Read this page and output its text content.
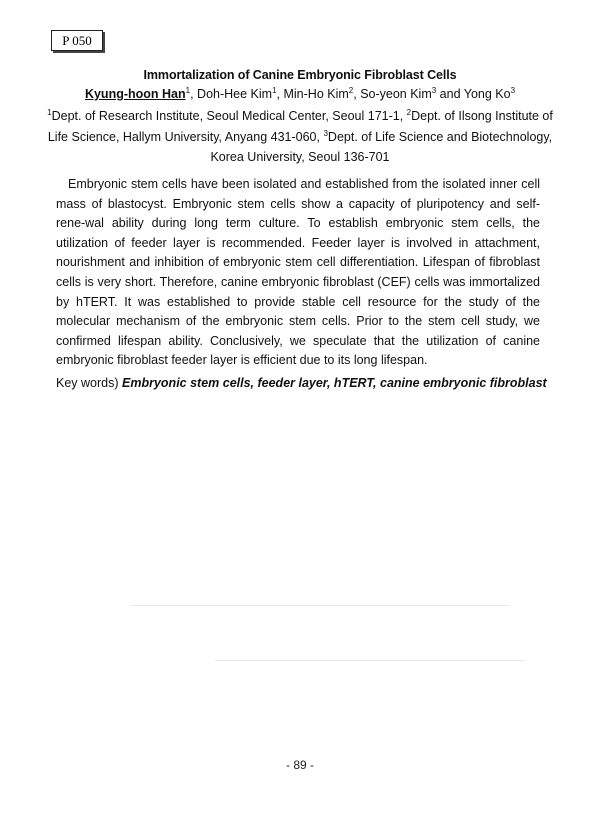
P 050
Immortalization of Canine Embryonic Fibroblast Cells
Kyung-hoon Han$^1$, Doh-Hee Kim$^1$, Min-Ho Kim$^2$, So-yeon Kim$^3$ and Yong Ko$^3$
$^1$Dept. of Research Institute, Seoul Medical Center, Seoul 171-1, $^2$Dept. of Ilsong Institute of Life Science, Hallym University, Anyang 431-060, $^3$Dept. of Life Science and Biotechnology, Korea University, Seoul 136-701
Embryonic stem cells have been isolated and established from the isolated inner cell mass of blastocyst. Embryonic stem cells show a capacity of pluripotency and self-rene-wal ability during long term culture. To establish embryonic stem cells, the utilization of feeder layer is recommended. Feeder layer is involved in attachment, nourishment and inhibition of embryonic stem cell differentiation. Lifespan of fibroblast cells is very short. Therefore, canine embryonic fibroblast (CEF) cells was immortalized by hTERT. It was established to provide stable cell resource for the study of the molecular mechanism of the embryonic stem cells. Prior to the stem cell study, we confirmed lifespan ability. Conclusively, we speculate that the utilization of canine embryonic fibroblast feeder layer is efficient due to its long lifespan.
Key words) Embryonic stem cells, feeder layer, hTERT, canine embryonic fibroblast
- 89 -
